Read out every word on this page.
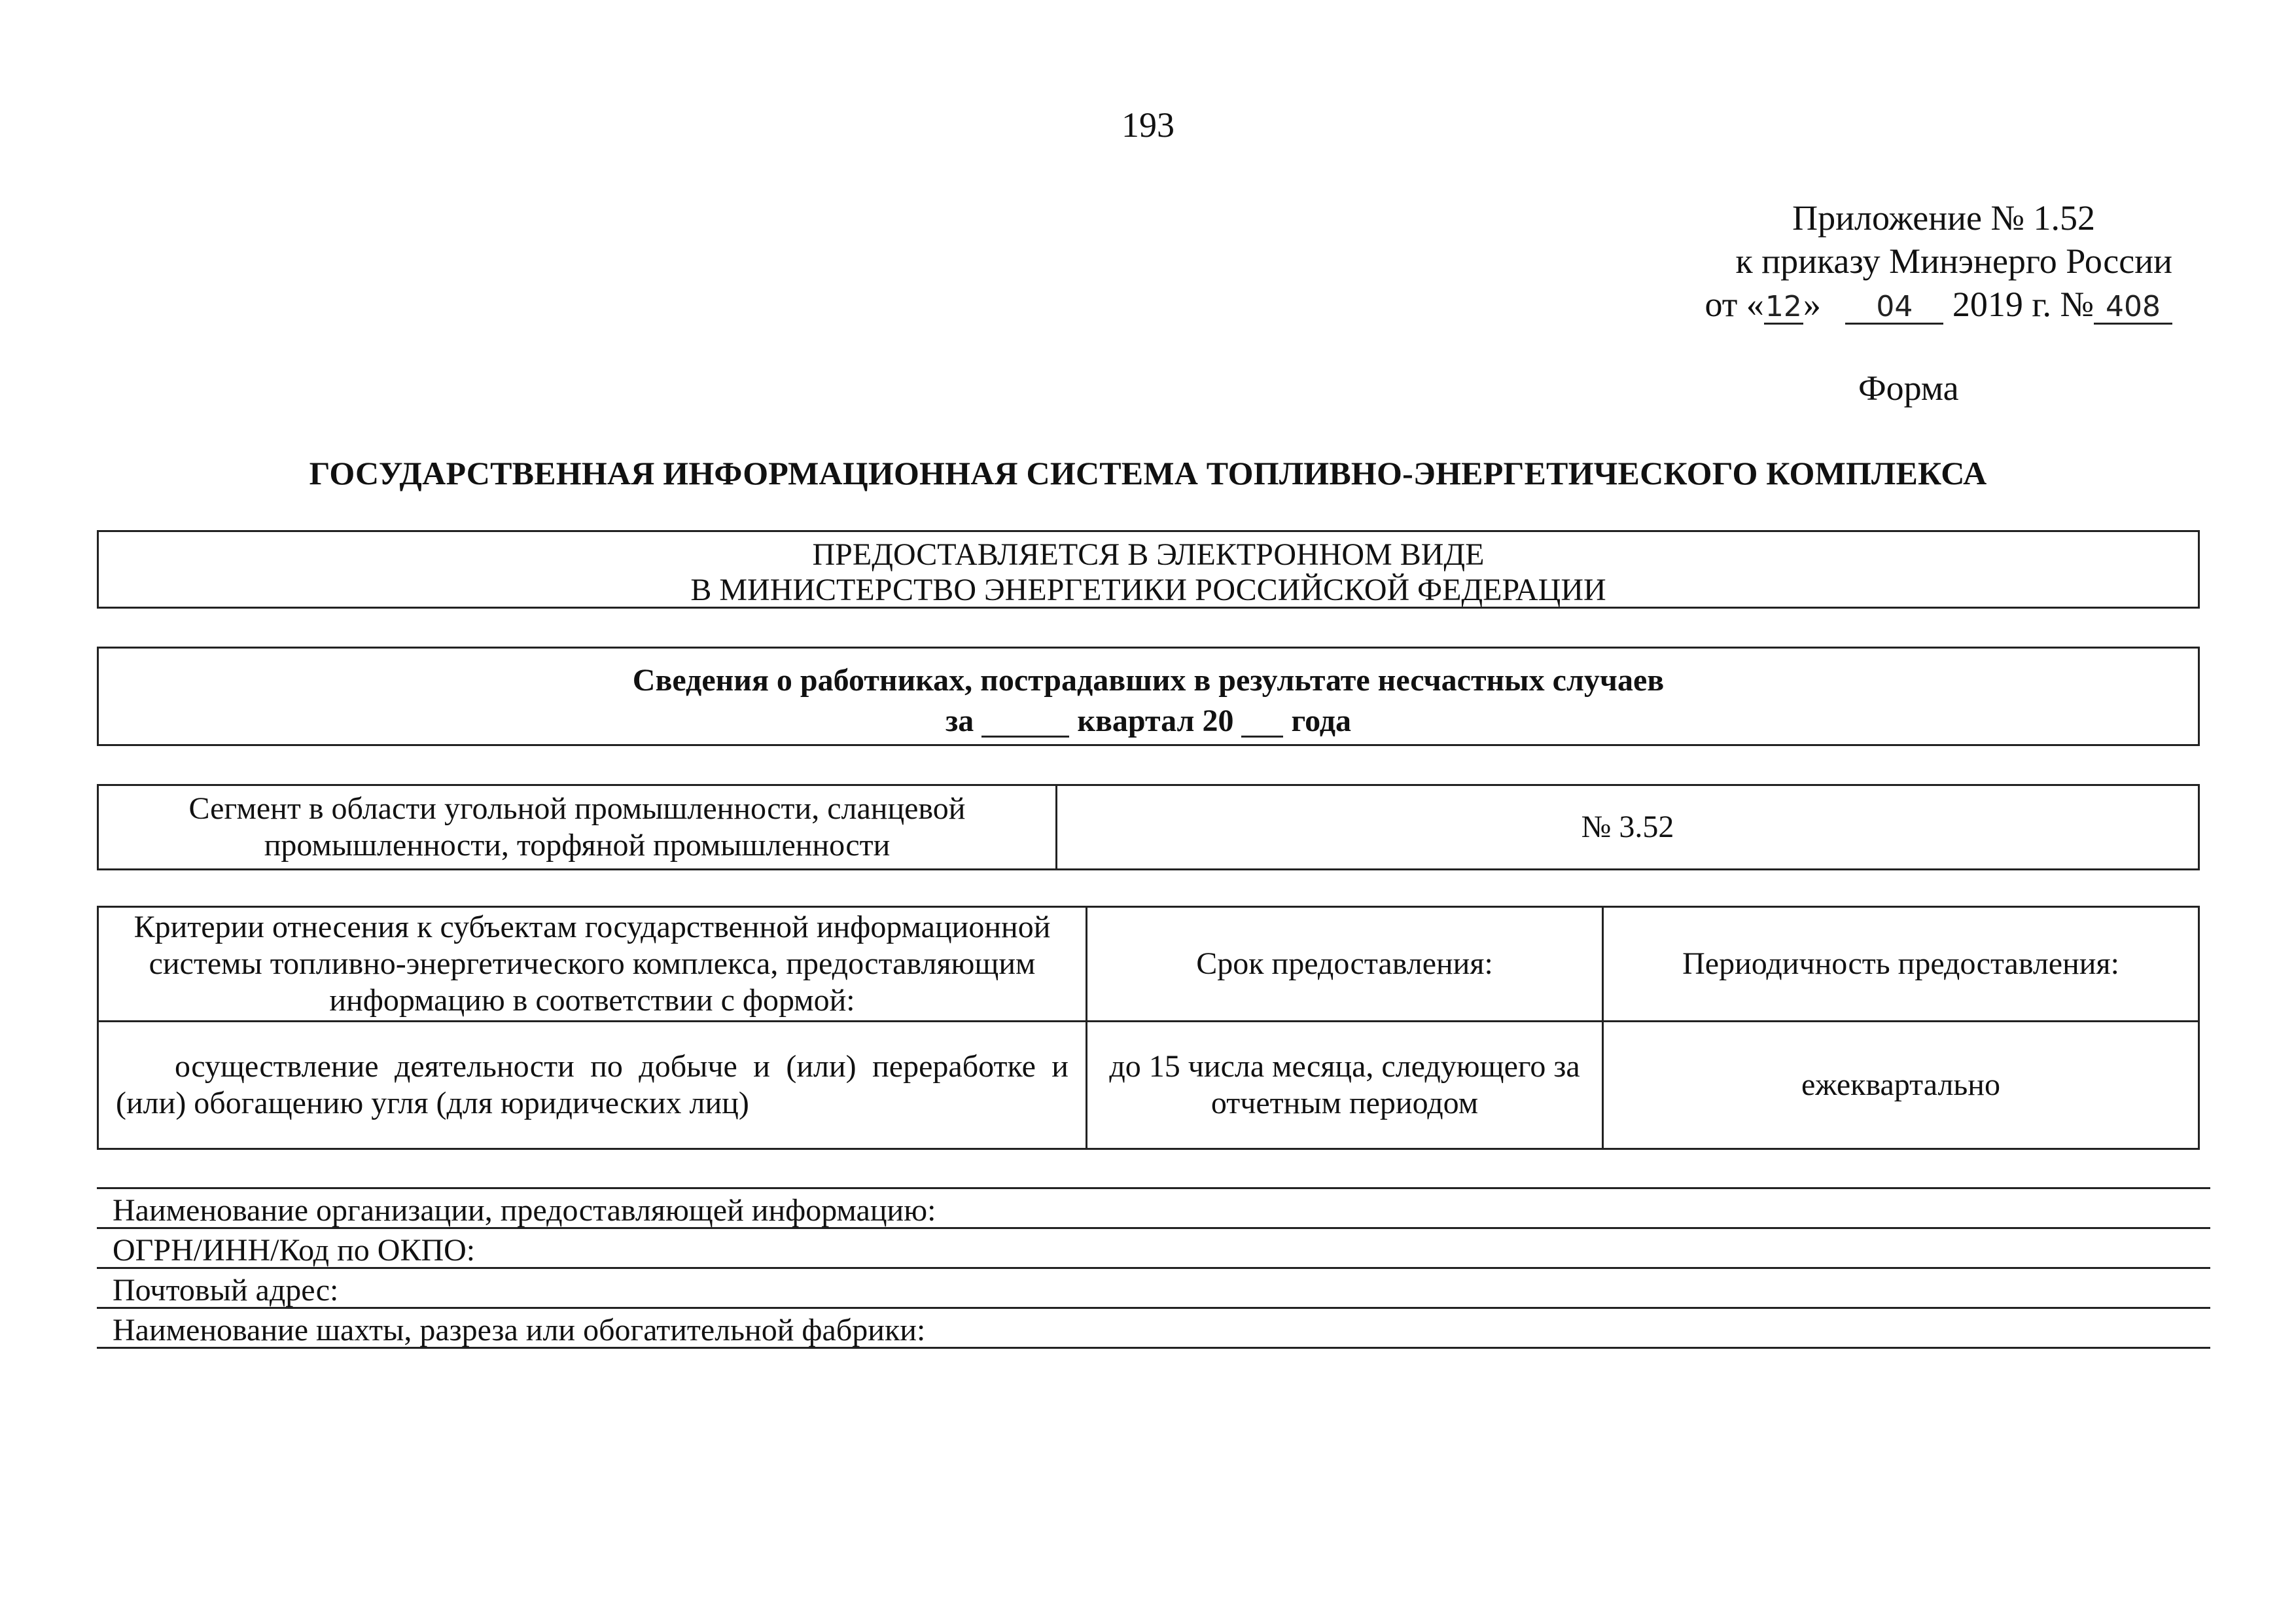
193
Приложение № 1.52
к приказу Минэнерго России
от «12» 04 2019 г. № 408
Форма
ГОСУДАРСТВЕННАЯ ИНФОРМАЦИОННАЯ СИСТЕМА ТОПЛИВНО-ЭНЕРГЕТИЧЕСКОГО КОМПЛЕКСА
ПРЕДОСТАВЛЯЕТСЯ В ЭЛЕКТРОННОМ ВИДЕ
В МИНИСТЕРСТВО ЭНЕРГЕТИКИ РОССИЙСКОЙ ФЕДЕРАЦИИ
Сведения о работниках, пострадавших в результате несчастных случаев
за	квартал 20 года
Сегмент в области угольной промышленности, сланцевой промышленности, торфяной промышленности	№ 3.52
Критерии отнесения к субъектам государственной информационной системы топливно-энергетического комплекса, предоставляющим информацию в соответствии с формой:	Срок предоставления:	Периодичность предоставления:
осуществление деятельности по добыче и (или) переработке и (или) обогащению угля (для юридических лиц)	до 15 числа месяца, следующего за отчетным периодом	ежеквартально
Наименование организации, предоставляющей информацию:
ОГРН/ИНН/Код по ОКПО:
Почтовый адрес:
Наименование шахты, разреза или обогатительной фабрики:
